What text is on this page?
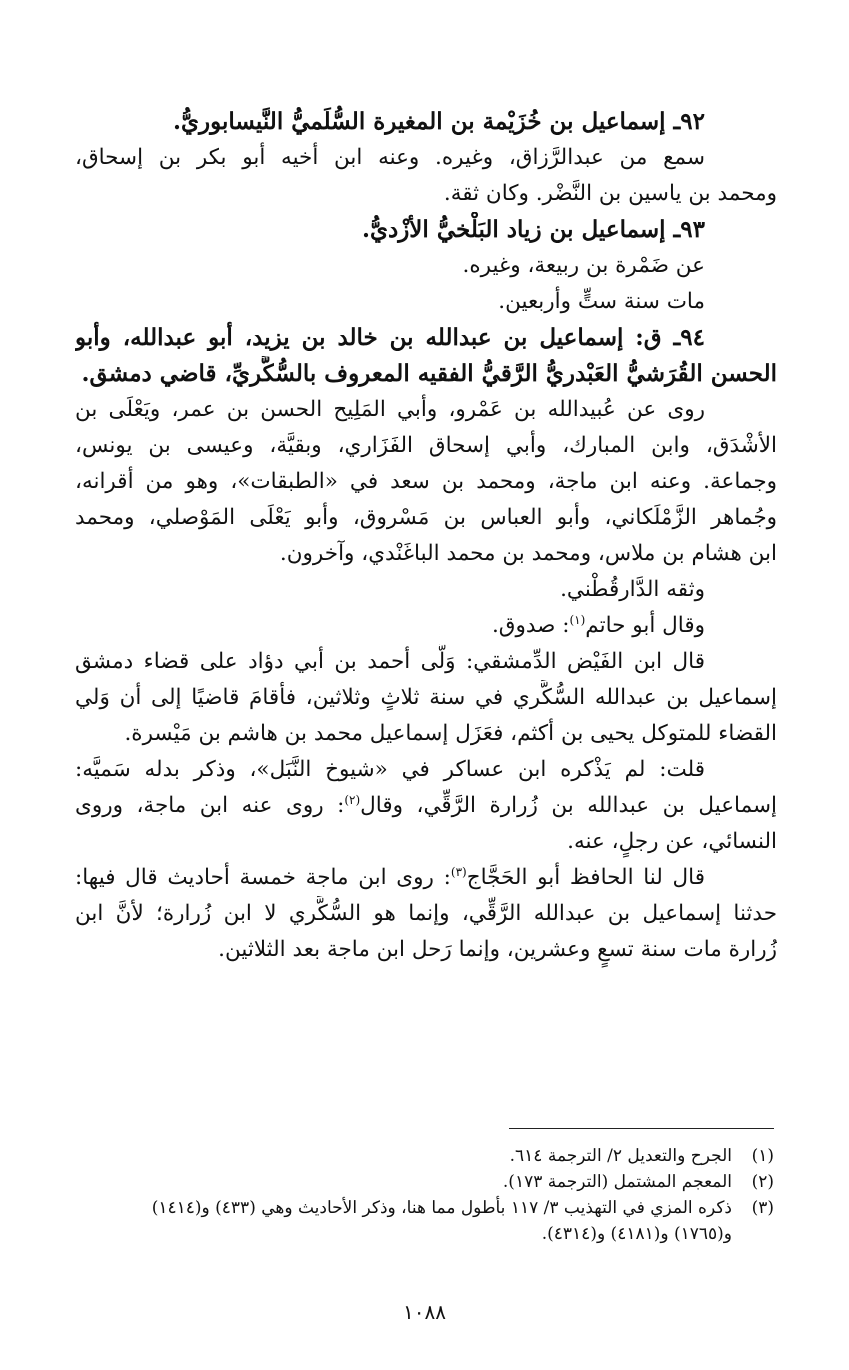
٩٢ـ إسماعيل بن خُزَيْمة بن المغيرة السُّلَميُّ النَّيسابوريُّ.
سمع من عبدالرَّزاق، وغيره. وعنه ابن أخيه أبو بكر بن إسحاق،
ومحمد بن ياسين بن النَّضْر. وكان ثقة.
٩٣ـ إسماعيل بن زياد البَلْخيُّ الأزْديُّ.
عن ضَمْرة بن ربيعة، وغيره.
مات سنة ستٍّ وأربعين.
٩٤ـ ق: إسماعيل بن عبدالله بن خالد بن يزيد، أبو عبدالله، وأبو
الحسن القُرَشيُّ العَبْدريُّ الرَّقيُّ الفقيه المعروف بالسُّكَّريِّ، قاضي دمشق.
روى عن عُبيدالله بن عَمْرو، وأبي المَلِيح الحسن بن عمر، ويَعْلَى بن
الأشْدَق، وابن المبارك، وأبي إسحاق الفَزَاري، وبقيَّة، وعيسى بن يونس،
وجماعة. وعنه ابن ماجة، ومحمد بن سعد في «الطبقات»، وهو من أقرانه،
وجُماهر الزَّمْلَكاني، وأبو العباس بن مَسْروق، وأبو يَعْلَى المَوْصلي، ومحمد
ابن هشام بن ملاس، ومحمد بن محمد الباغَنْدي، وآخرون.
وثقه الدَّارقُطْني.
وقال أبو حاتم$^{(١)}$: صدوق.
قال ابن الفَيْض الدِّمشقي: وَلَّى أحمد بن أبي دؤاد على قضاء دمشق
إسماعيل بن عبدالله السُّكَّري في سنة ثلاثٍ وثلاثين، فأقامَ قاضيًا إلى أن وَلي
القضاء للمتوكل يحيى بن أكثم، فعَزَل إسماعيل محمد بن هاشم بن مَيْسرة.
قلت: لم يَذْكره ابن عساكر في «شيوخ النَّبَل»، وذكر بدله سَميَّه:
إسماعيل بن عبدالله بن زُرارة الرَّقِّي، وقال$^{(٢)}$: روى عنه ابن ماجة، وروى
النسائي، عن رجلٍ، عنه.
قال لنا الحافظ أبو الحَجَّاج$^{(٣)}$: روى ابن ماجة خمسة أحاديث قال فيها:
حدثنا إسماعيل بن عبدالله الرَّقِّي، وإنما هو السُّكَّري لا ابن زُرارة؛ لأنَّ ابن
زُرارة مات سنة تسعٍ وعشرين، وإنما رَحل ابن ماجة بعد الثلاثين.
(١)
الجرح والتعديل ٢/ الترجمة ٦١٤.
(٢)
المعجم المشتمل (الترجمة ١٧٣).
(٣)
ذكره المزي في التهذيب ٣/ ١١٧ بأطول مما هنا، وذكر الأحاديث وهي (٤٣٣) و(١٤١٤)
و(١٧٦٥) و(٤١٨١) و(٤٣١٤).
١٠٨٨
